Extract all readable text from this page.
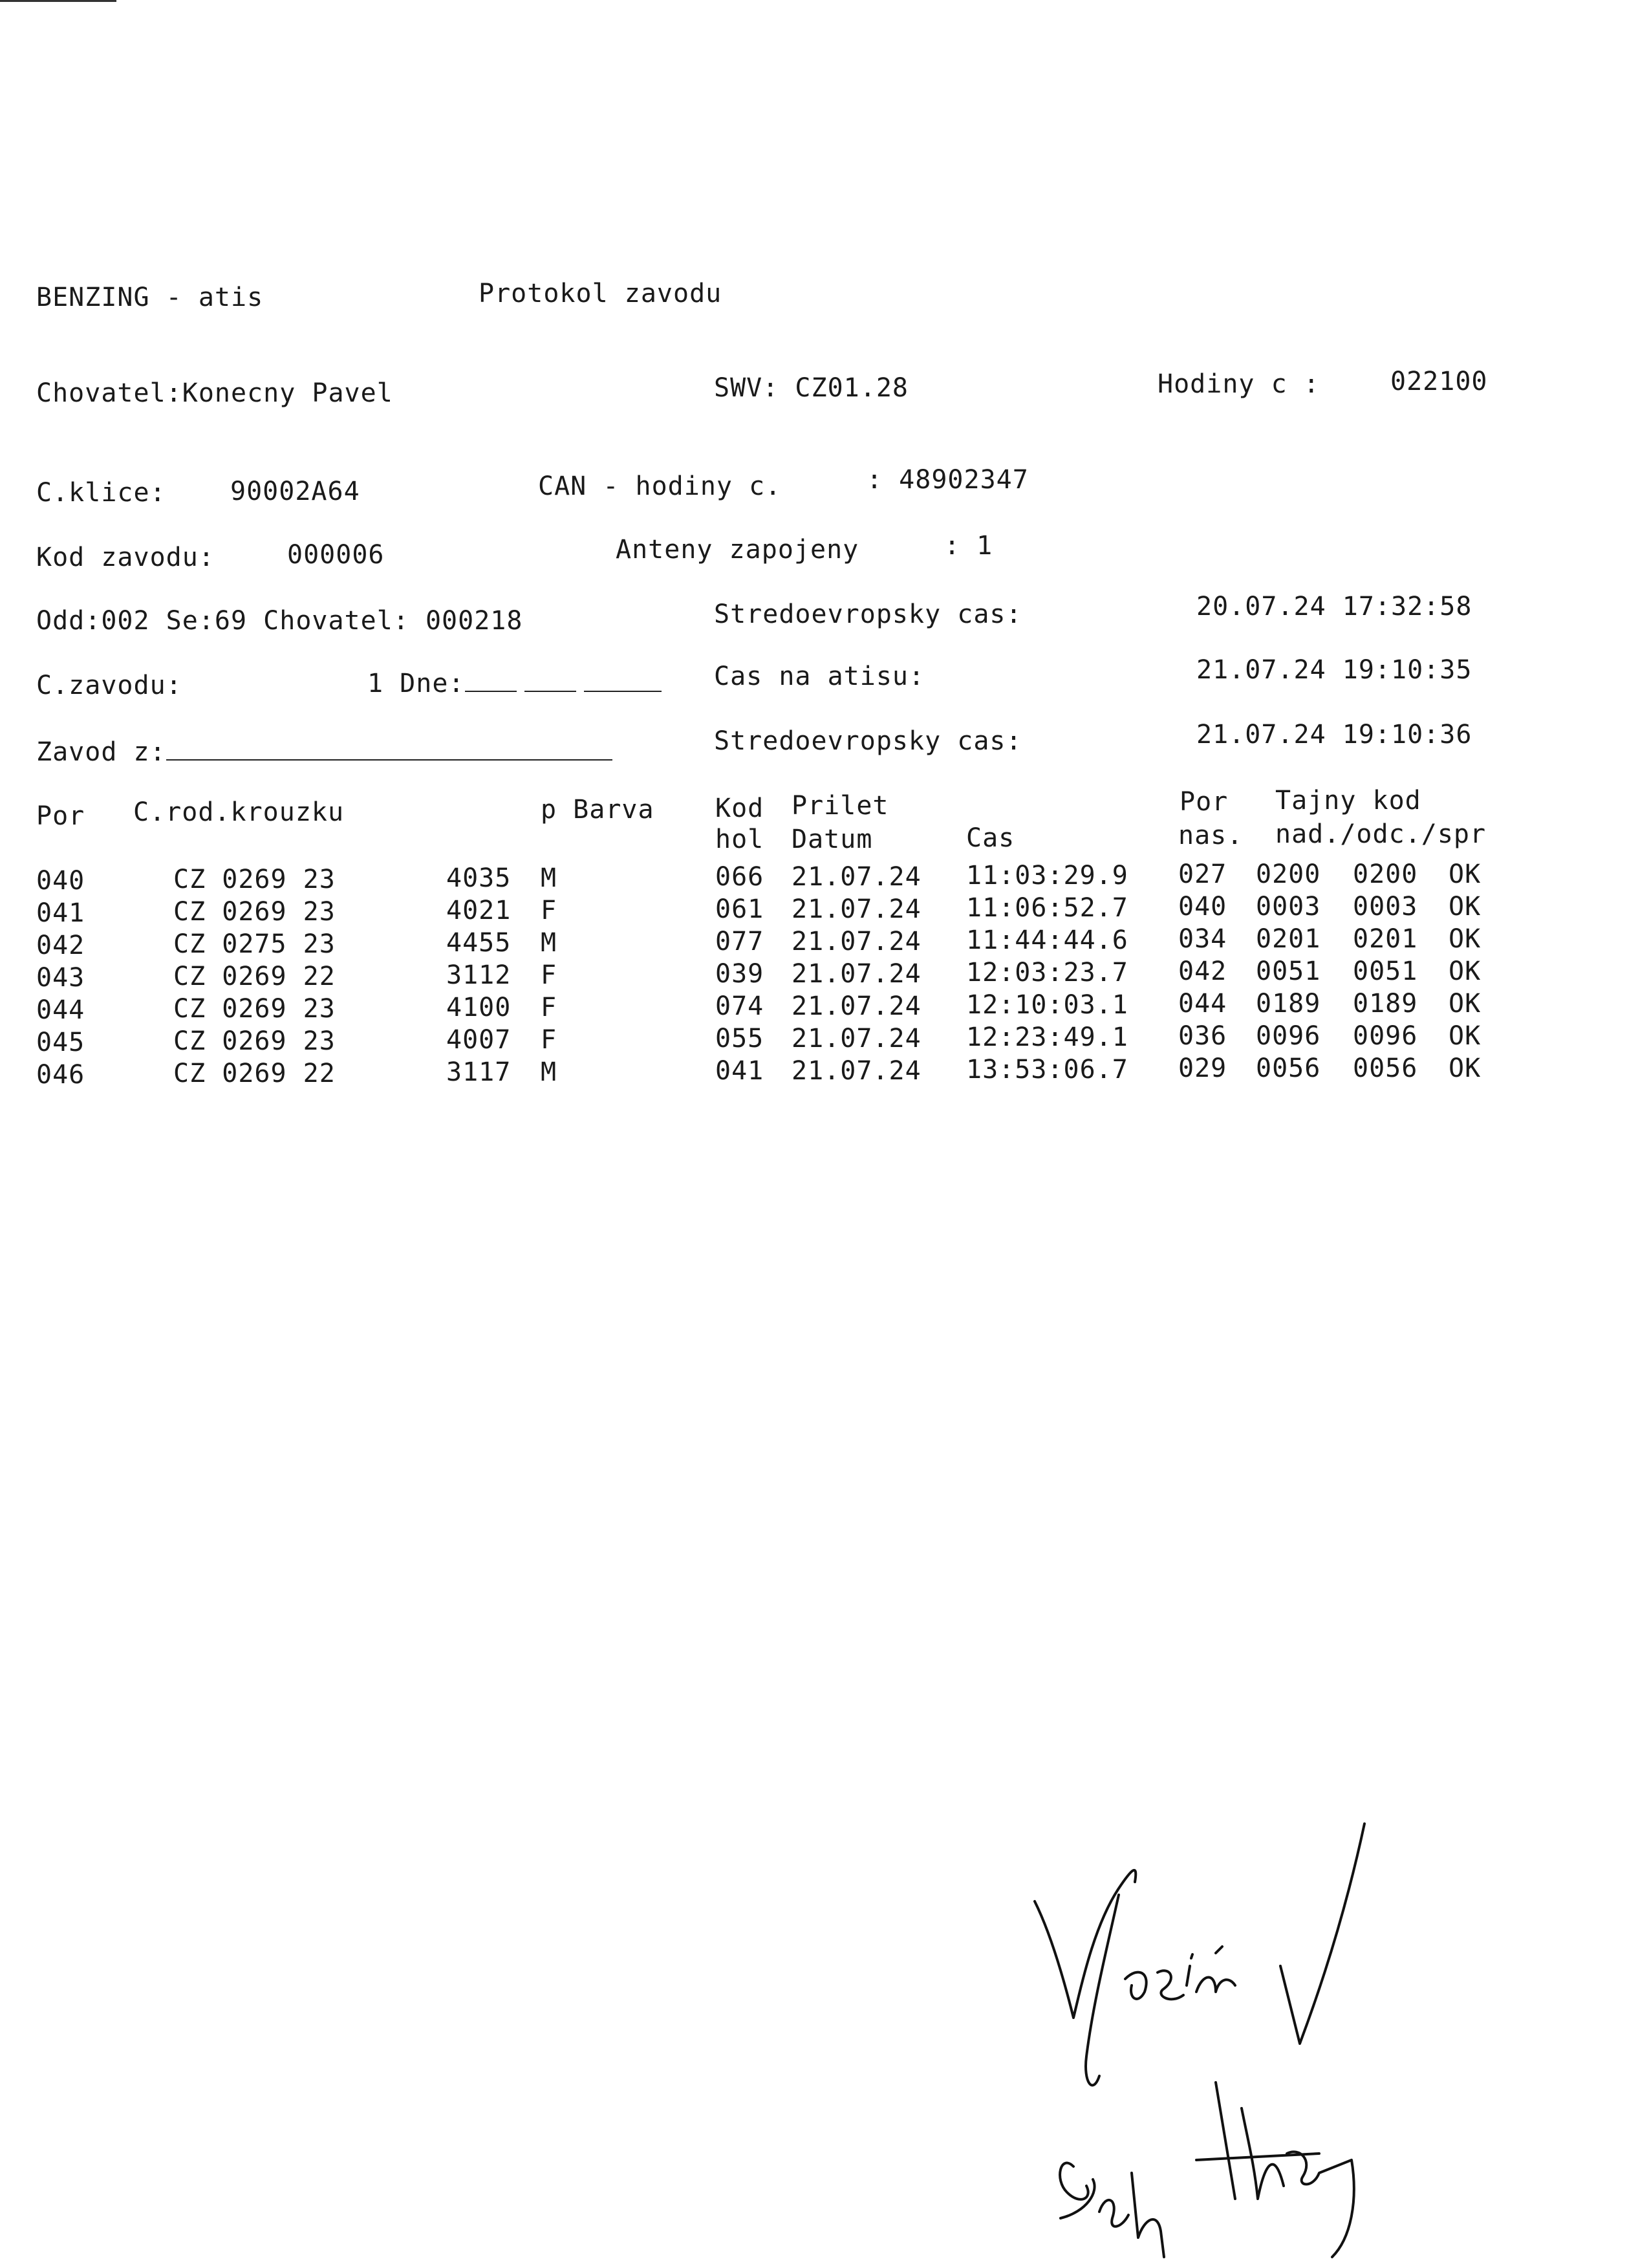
BENZING - atis	Protokol zavodu
Chovatel:Konecny Pavel	SWV: CZ01.28	Hodiny c :	022100
C.klice: 90002A64	CAN - hodiny c.	: 48902347
Kod zavodu:	000006	Anteny zapojeny	: 1
Odd:002 Se:69 Chovatel: 000218	Stredoevropsky cas:	20.07.24 17:32:58
C.zavodu:	1 Dne:	Cas na atisu:	21.07.24 19:10:35
Zavod z:	Stredoevropsky cas:	21.07.24 19:10:36
Por C.rod.krouzku	p Barva Kod Prilet	Por Tajny kod
hol Datum	Cas	nas. nad./odc./spr
040	CZ 0269 23	4035 M	066 21.07.24 11:03:29.9 027 0200 0200 OK
041	CZ 0269 23	4021 F	061 21.07.24 11:06:52.7 040 0003 0003 OK
042	CZ 0275 23	4455 M	077 21.07.24 11:44:44.6 034 0201 0201 OK
043	CZ 0269 22	3112 F	039 21.07.24 12:03:23.7 042 0051 0051 OK
044	CZ 0269 23	4100 F	074 21.07.24 12:10:03.1 044 0189 0189 OK
045	CZ 0269 23	4007 F	055 21.07.24 12:23:49.1 036 0096 0096 OK
046	CZ 0269 22	3117 M	041 21.07.24 13:53:06.7 029 0056 0056 OK
